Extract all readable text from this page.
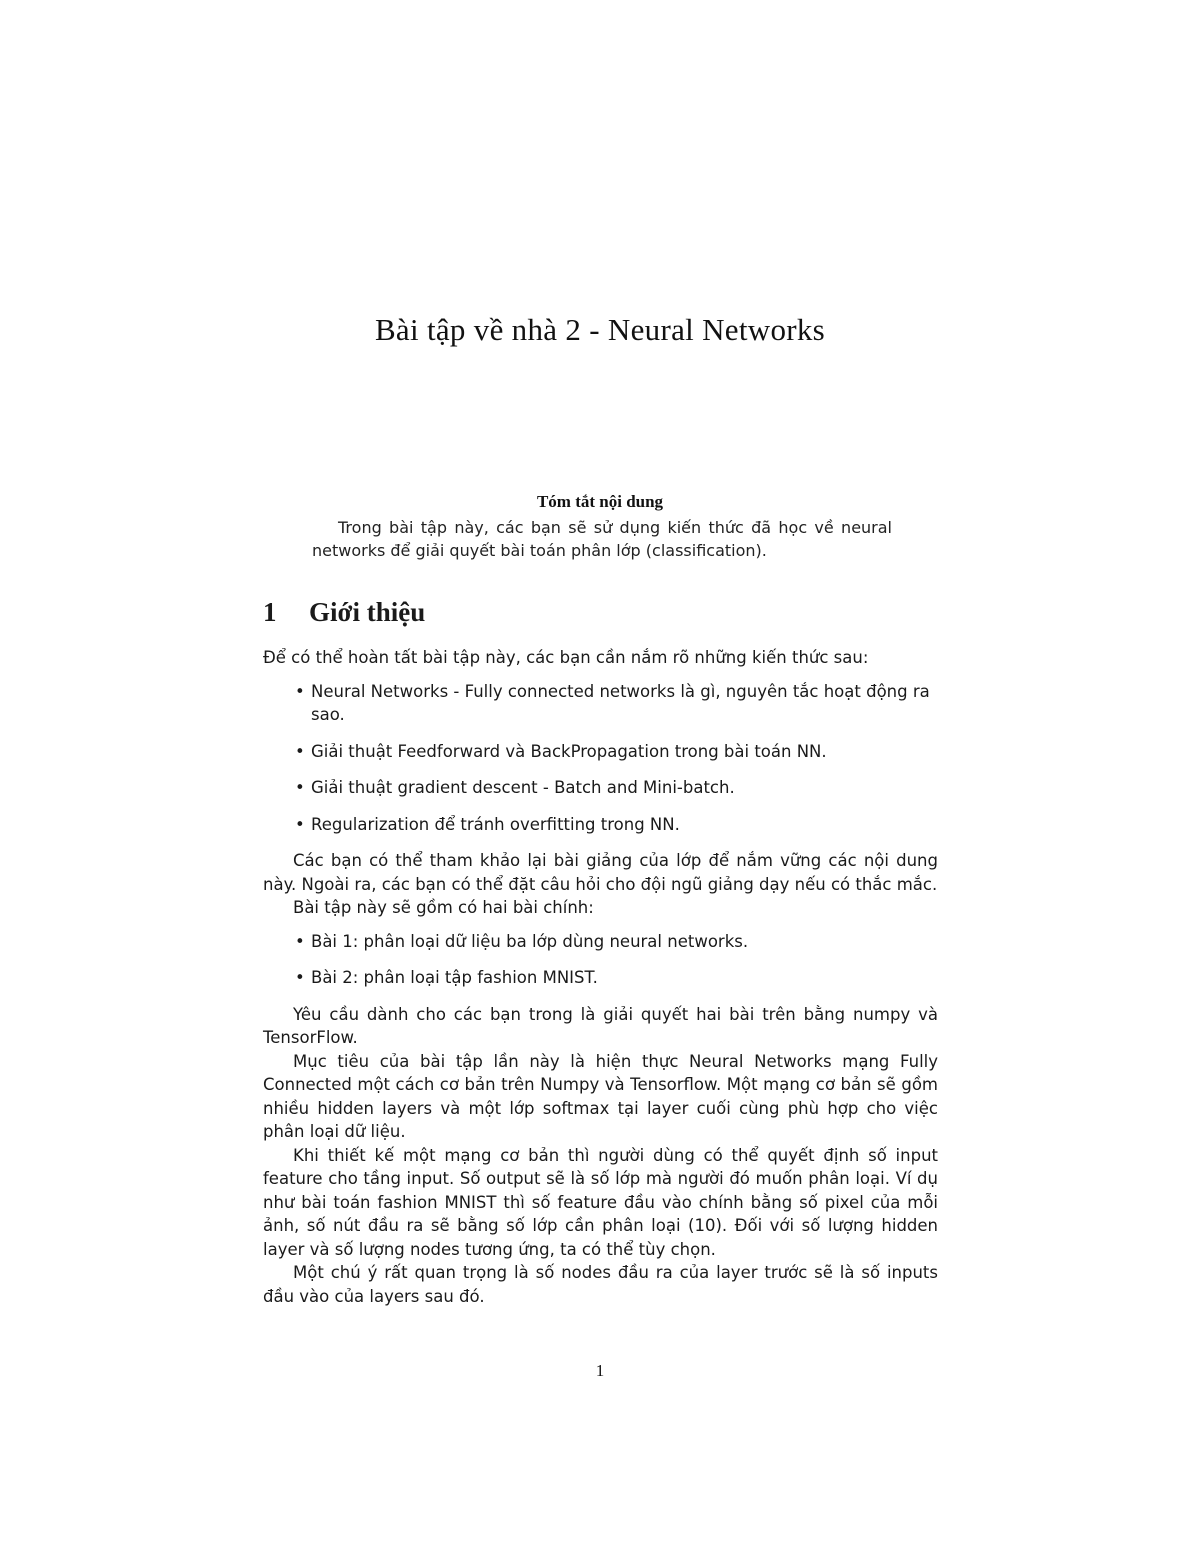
Bài tập về nhà 2 - Neural Networks
Tóm tắt nội dung

Trong bài tập này, các bạn sẽ sử dụng kiến thức đã học về neural networks để giải quyết bài toán phân lớp (classification).

1 Giới thiệu

Để có thể hoàn tất bài tập này, các bạn cần nắm rõ những kiến thức sau:

• Neural Networks - Fully connected networks là gì, nguyên tắc hoạt động ra sao.
• Giải thuật Feedforward và BackPropagation trong bài toán NN.
• Giải thuật gradient descent - Batch and Mini-batch.
• Regularization để tránh overfitting trong NN.

Các bạn có thể tham khảo lại bài giảng của lớp để nắm vững các nội dung này. Ngoài ra, các bạn có thể đặt câu hỏi cho đội ngũ giảng dạy nếu có thắc mắc.

Bài tập này sẽ gồm có hai bài chính:

• Bài 1: phân loại dữ liệu ba lớp dùng neural networks.
• Bài 2: phân loại tập fashion MNIST.

Yêu cầu dành cho các bạn trong là giải quyết hai bài trên bằng numpy và TensorFlow.

Mục tiêu của bài tập lần này là hiện thực Neural Networks mạng Fully Connected một cách cơ bản trên Numpy và Tensorflow. Một mạng cơ bản sẽ gồm nhiều hidden layers và một lớp softmax tại layer cuối cùng phù hợp cho việc phân loại dữ liệu.

Khi thiết kế một mạng cơ bản thì người dùng có thể quyết định số input feature cho tầng input. Số output sẽ là số lớp mà người đó muốn phân loại. Ví dụ như bài toán fashion MNIST thì số feature đầu vào chính bằng số pixel của mỗi ảnh, số nút đầu ra sẽ bằng số lớp cần phân loại (10). Đối với số lượng hidden layer và số lượng nodes tương ứng, ta có thể tùy chọn.

Một chú ý rất quan trọng là số nodes đầu ra của layer trước sẽ là số inputs đầu vào của layers sau đó.

1
